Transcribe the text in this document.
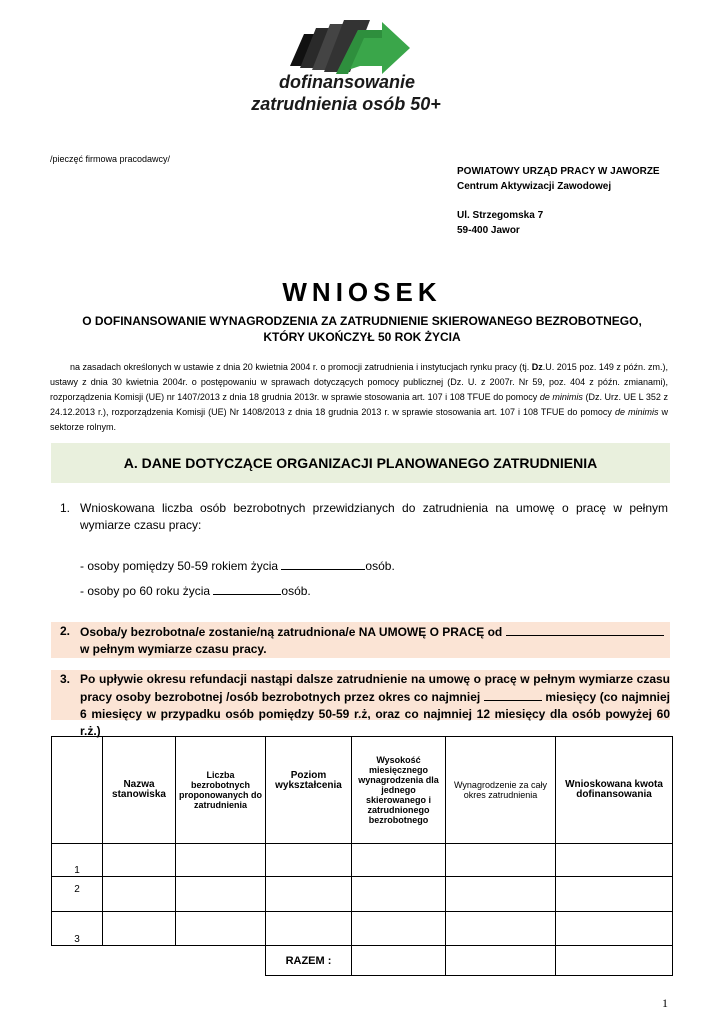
dofinansowanie
zatrudnienia osób 50+
/pieczęć firmowa pracodawcy/
POWIATOWY URZĄD PRACY W JAWORZE
Centrum Aktywizacji Zawodowej
Ul. Strzegomska 7
59-400 Jawor
WNIOSEK
O DOFINANSOWANIE WYNAGRODZENIA ZA ZATRUDNIENIE SKIEROWANEGO BEZROBOTNEGO,
KTÓRY UKOŃCZYŁ 50 ROK ŻYCIA
na zasadach określonych w ustawie z dnia 20 kwietnia 2004 r. o promocji zatrudnienia i instytucjach rynku pracy (tj. Dz.U. 2015 poz. 149 z późn. zm.), ustawy z dnia 30 kwietnia 2004r. o postępowaniu w sprawach dotyczących pomocy publicznej (Dz. U. z 2007r. Nr 59, poz. 404 z późn. zmianami), rozporządzenia Komisji (UE) nr 1407/2013 z dnia 18 grudnia 2013r. w sprawie stosowania art. 107 i 108 TFUE do pomocy de minimis (Dz. Urz. UE L 352 z 24.12.2013 r.), rozporządzenia Komisji (UE) Nr 1408/2013 z dnia 18 grudnia 2013 r. w sprawie stosowania art. 107 i 108 TFUE do pomocy de minimis w sektorze rolnym.
A. DANE DOTYCZĄCE ORGANIZACJI PLANOWANEGO ZATRUDNIENIA
1. Wnioskowana liczba osób bezrobotnych przewidzianych do zatrudnienia na umowę o pracę w pełnym wymiarze czasu pracy:
- osoby pomiędzy 50-59 rokiem życia	osób.
- osoby po 60 roku życia	osób.
2. Osoba/y bezrobotna/e zostanie/ną zatrudniona/e NA UMOWĘ O PRACĘ od
w pełnym wymiarze czasu pracy.
3. Po upływie okresu refundacji nastąpi dalsze zatrudnienie na umowę o pracę w pełnym wymiarze czasu pracy osoby bezrobotnej /osób bezrobotnych przez okres co najmniej	miesięcy (co najmniej 6 miesięcy w przypadku osób pomiędzy 50-59 r.ż, oraz co najmniej 12 miesięcy dla osób powyżej 60 r.ż.)
	Nazwa stanowiska	Liczba bezrobotnych proponowanych do zatrudnienia	Poziom wykształcenia	Wysokość miesięcznego wynagrodzenia dla jednego skierowanego i zatrudnionego bezrobotnego	Wynagrodzenie za cały okres zatrudnienia	Wnioskowana kwota dofinansowania
1						
2						
3						
			RAZEM :			
1
